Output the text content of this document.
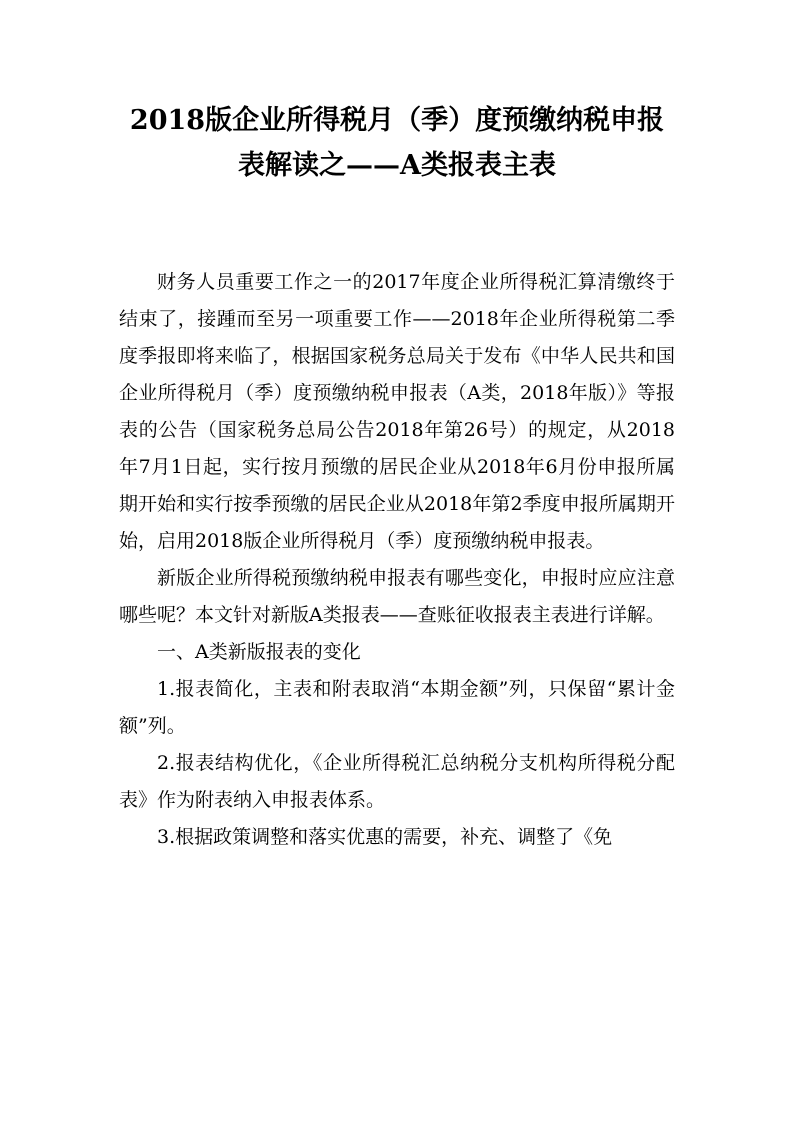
2018版企业所得税月（季）度预缴纳税申报
表解读之——A类报表主表

财务人员重要工作之一的2017年度企业所得税汇算清缴终于结束了，接踵而至另一项重要工作——2018年企业所得税第二季度季报即将来临了，根据国家税务总局关于发布《中华人民共和国企业所得税月（季）度预缴纳税申报表（A类，2018年版）》等报表的公告（国家税务总局公告2018年第26号）的规定，从2018年7月1日起，实行按月预缴的居民企业从2018年6月份申报所属期开始和实行按季预缴的居民企业从2018年第2季度申报所属期开始，启用2018版企业所得税月（季）度预缴纳税申报表。

新版企业所得税预缴纳税申报表有哪些变化，申报时应应注意哪些呢？本文针对新版A类报表——查账征收报表主表进行详解。

一、A类新版报表的变化

1.报表简化，主表和附表取消“本期金额”列，只保留“累计金额”列。

2.报表结构优化，《企业所得税汇总纳税分支机构所得税分配表》作为附表纳入申报表体系。

3.根据政策调整和落实优惠的需要，补充、调整了《免
